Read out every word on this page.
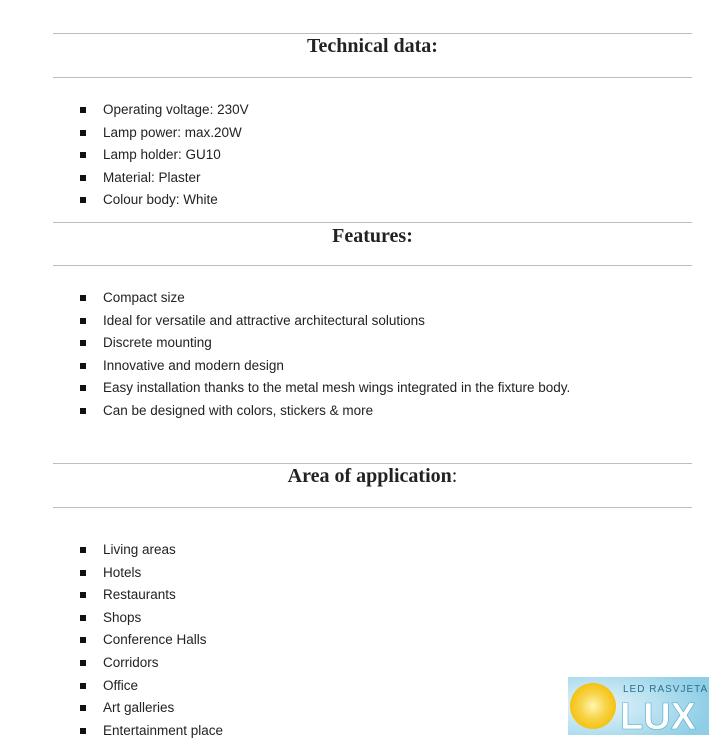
Technical data:
Operating voltage: 230V
Lamp power: max.20W
Lamp holder: GU10
Material: Plaster
Colour body: White
Features:
Compact size
Ideal for versatile and attractive architectural solutions
Discrete mounting
Innovative and modern design
Easy installation thanks to the metal mesh wings integrated in the fixture body.
Can be designed with colors, stickers & more
Area of application:
Living areas
Hotels
Restaurants
Shops
Conference Halls
Corridors
Office
Art galleries
Entertainment place
LED RASVJETA
LUX
